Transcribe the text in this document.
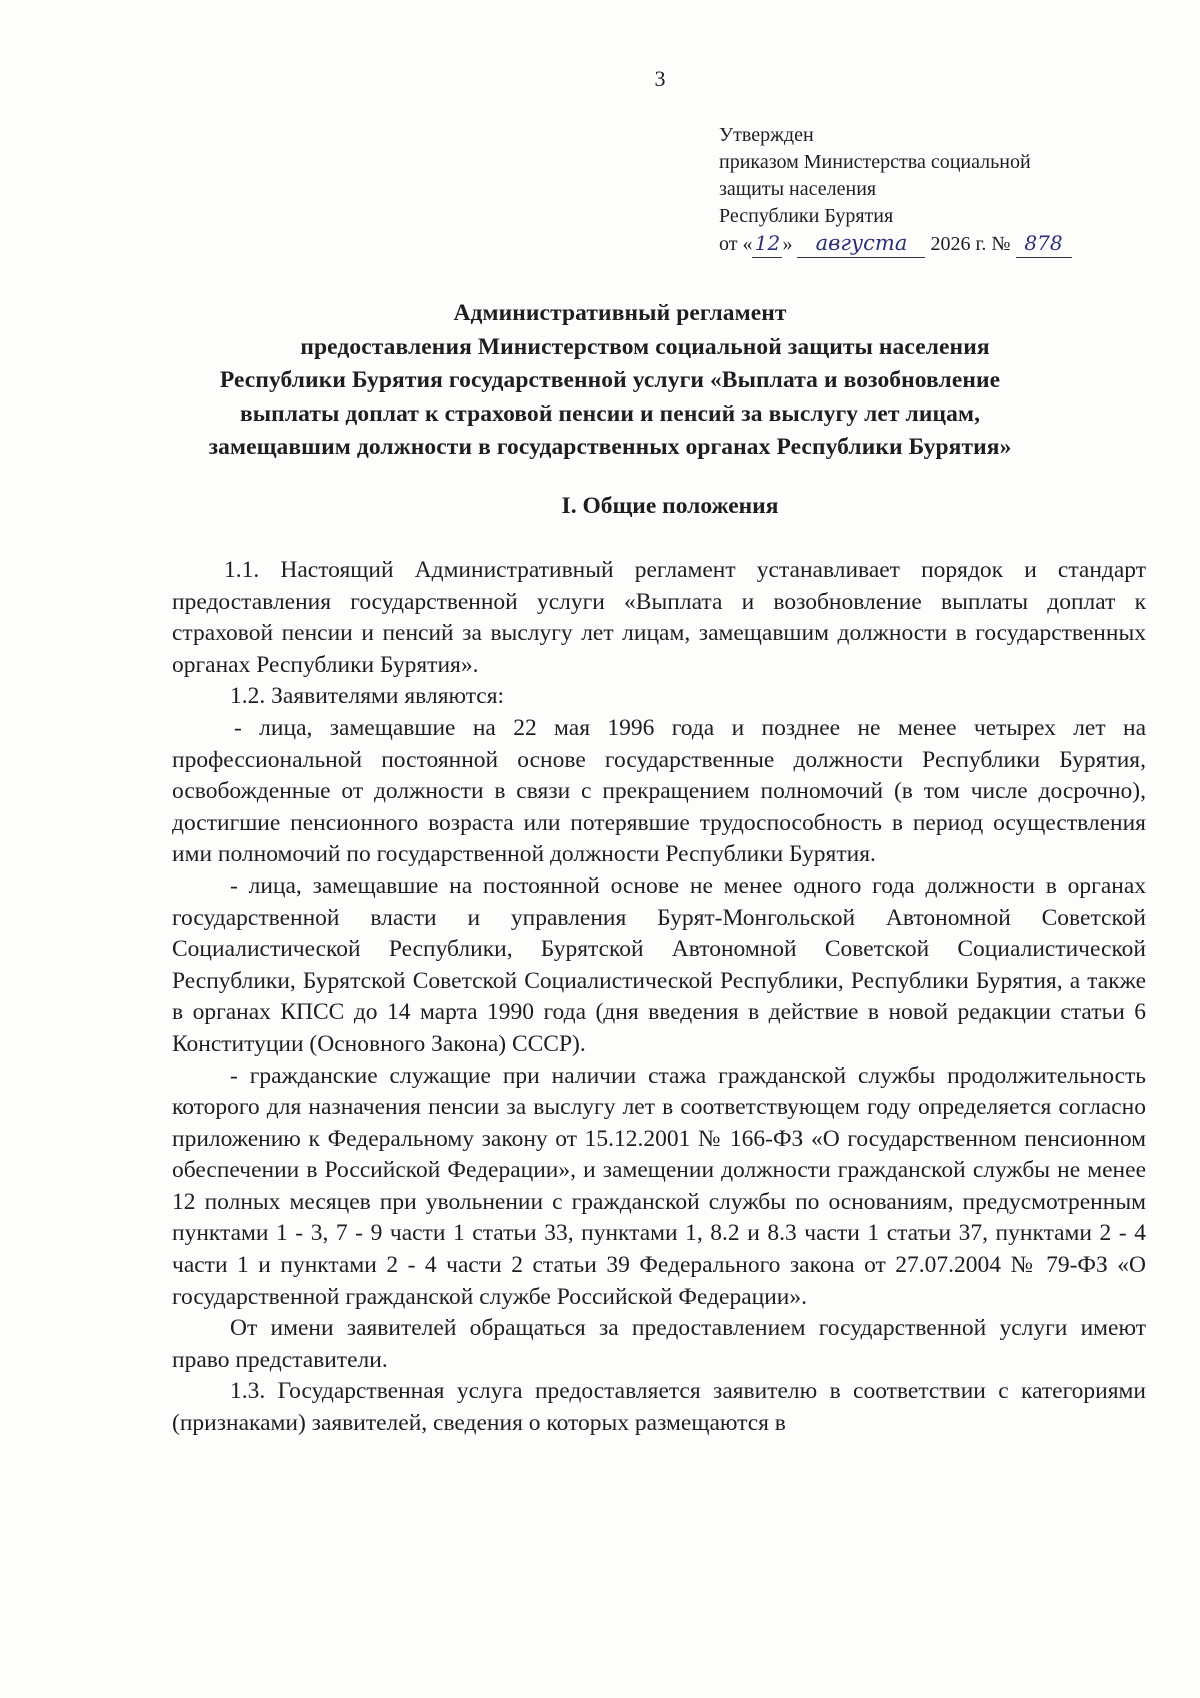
3
Утвержден
приказом Министерства социальной
защиты населения
Республики Бурятия
от « 12 » августа 2026 г. № 878
Административный регламент
предоставления Министерством социальной защиты населения
Республики Бурятия государственной услуги «Выплата и возобновление
выплаты доплат к страховой пенсии и пенсий за выслугу лет лицам,
замещавшим должности в государственных органах Республики Бурятия»
I. Общие положения

1.1. Настоящий Административный регламент устанавливает порядок и стандарт предоставления государственной услуги «Выплата и возобновление выплаты доплат к страховой пенсии и пенсий за выслугу лет лицам, замещавшим должности в государственных органах Республики Бурятия».

1.2. Заявителями являются:

- лица, замещавшие на 22 мая 1996 года и позднее не менее четырех лет на профессиональной постоянной основе государственные должности Республики Бурятия, освобожденные от должности в связи с прекращением полномочий (в том числе досрочно), достигшие пенсионного возраста или потерявшие трудоспособность в период осуществления ими полномочий по государственной должности Республики Бурятия.

- лица, замещавшие на постоянной основе не менее одного года должности в органах государственной власти и управления Бурят-Монгольской Автономной Советской Социалистической Республики, Бурятской Автономной Советской Социалистической Республики, Бурятской Советской Социалистической Республики, Республики Бурятия, а также в органах КПСС до 14 марта 1990 года (дня введения в действие в новой редакции статьи 6 Конституции (Основного Закона) СССР).

- гражданские служащие при наличии стажа гражданской службы продолжительность которого для назначения пенсии за выслугу лет в соответствующем году определяется согласно приложению к Федеральному закону от 15.12.2001 № 166-ФЗ «О государственном пенсионном обеспечении в Российской Федерации», и замещении должности гражданской службы не менее 12 полных месяцев при увольнении с гражданской службы по основаниям, предусмотренным пунктами 1 - 3, 7 - 9 части 1 статьи 33, пунктами 1, 8.2 и 8.3 части 1 статьи 37, пунктами 2 - 4 части 1 и пунктами 2 - 4 части 2 статьи 39 Федерального закона от 27.07.2004 № 79-ФЗ «О государственной гражданской службе Российской Федерации».

От имени заявителей обращаться за предоставлением государственной услуги имеют право представители.

1.3. Государственная услуга предоставляется заявителю в соответствии с категориями (признаками) заявителей, сведения о которых размещаются в
